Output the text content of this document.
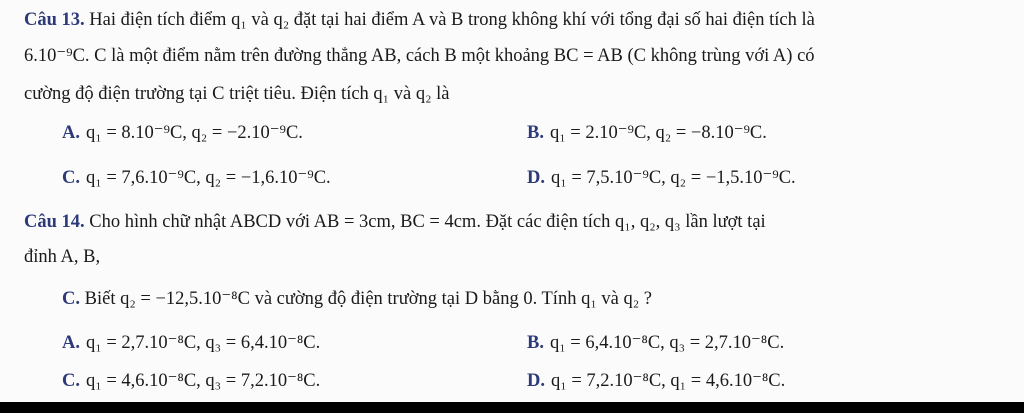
Câu 13. Hai điện tích điểm q₁ và q₂ đặt tại hai điểm A và B trong không khí với tổng đại số hai điện tích là
6.10⁻⁹C. C là một điểm nằm trên đường thẳng AB, cách B một khoảng BC = AB (C không trùng với A) có
cường độ điện trường tại C triệt tiêu. Điện tích q₁ và q₂ là
A. q₁ = 8.10⁻⁹C, q₂ = −2.10⁻⁹C.	B. q₁ = 2.10⁻⁹C, q₂ = −8.10⁻⁹C.
C. q₁ = 7,6.10⁻⁹C, q₂ = −1,6.10⁻⁹C.	D. q₁ = 7,5.10⁻⁹C, q₂ = −1,5.10⁻⁹C.
Câu 14. Cho hình chữ nhật ABCD với AB = 3cm, BC = 4cm. Đặt các điện tích q₁, q₂, q₃ lần lượt tại
đỉnh A, B,
C. Biết q₂ = −12,5.10⁻⁸C và cường độ điện trường tại D bằng 0. Tính q₁ và q₂ ?
A. q₁ = 2,7.10⁻⁸C, q₃ = 6,4.10⁻⁸C.	B. q₁ = 6,4.10⁻⁸C, q₃ = 2,7.10⁻⁸C.
C. q₁ = 4,6.10⁻⁸C, q₃ = 7,2.10⁻⁸C.	D. q₁ = 7,2.10⁻⁸C, q₁ = 4,6.10⁻⁸C.
